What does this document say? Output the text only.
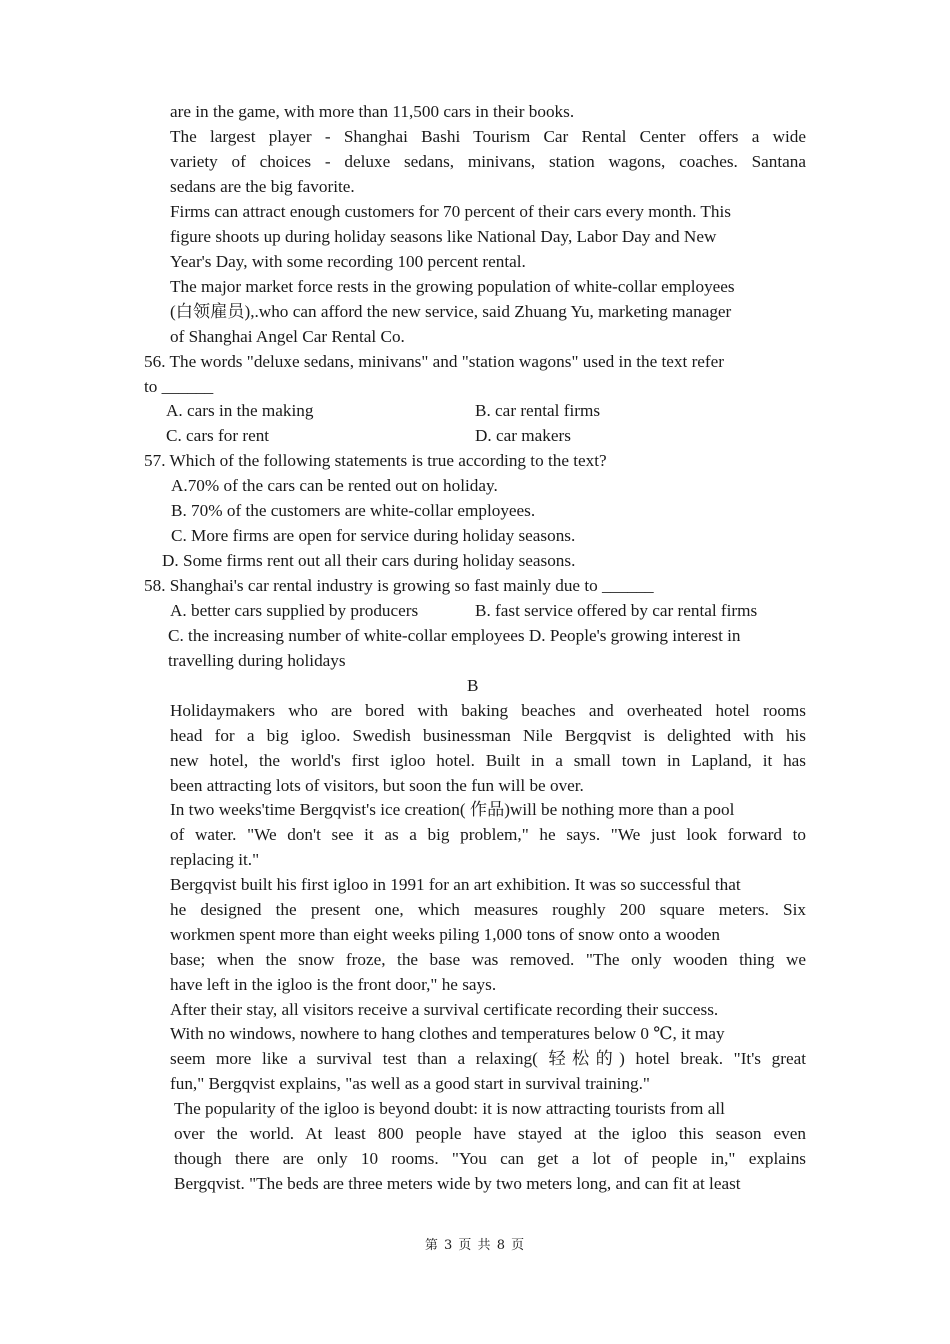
are in the game, with more than 11,500 cars in their books.
The largest player - Shanghai Bashi Tourism Car Rental Center offers a wide
variety of choices - deluxe sedans, minivans, station wagons, coaches. Santana
sedans are the big favorite.
Firms can attract enough customers for 70 percent of their cars every month. This
figure shoots up during holiday seasons like National Day, Labor Day and New
Year's Day, with some recording 100 percent rental.
The major market force rests in the growing population of white-collar employees
(白领雇员),.who can afford the new service, said Zhuang Yu, marketing manager
of Shanghai Angel Car Rental Co.
56. The words "deluxe sedans, minivans" and "station wagons" used in the text refer
to ______
A. cars in the making	B. car rental firms
C. cars for rent	D. car makers
57. Which of the following statements is true according to the text?
A.70% of the cars can be rented out on holiday.
B. 70% of the customers are white-collar employees.
C. More firms are open for service during holiday seasons.
D. Some firms rent out all their cars during holiday seasons.
58. Shanghai's car rental industry is growing so fast mainly due to ______
A. better cars supplied by producers	B. fast service offered by car rental firms
C. the increasing number of white-collar employees D. People's growing interest in
travelling during holidays
B
Holidaymakers who are bored with baking beaches and overheated hotel rooms
head for a big igloo. Swedish businessman Nile Bergqvist is delighted with his
new hotel, the world's first igloo hotel. Built in a small town in Lapland, it has
been attracting lots of visitors, but soon the fun will be over.
In two weeks'time Bergqvist's ice creation( 作品)will be nothing more than a pool
of water. "We don't see it as a big problem," he says. "We just look forward to
replacing it."
Bergqvist built his first igloo in 1991 for an art exhibition. It was so successful that
he designed the present one, which measures roughly 200 square meters. Six
workmen spent more than eight weeks piling 1,000 tons of snow onto a wooden
base; when the snow froze, the base was removed. "The only wooden thing we
have left in the igloo is the front door," he says.
After their stay, all visitors receive a survival certificate recording their success.
With no windows, nowhere to hang clothes and temperatures below 0 ℃, it may
seem more like a survival test than a relaxing( 轻松的) hotel break. "It's great
fun," Bergqvist explains, "as well as a good start in survival training."
The popularity of the igloo is beyond doubt: it is now attracting tourists from all
over the world. At least 800 people have stayed at the igloo this season even
though there are only 10 rooms. "You can get a lot of people in," explains
Bergqvist. "The beds are three meters wide by two meters long, and can fit at least
第 3 页 共 8 页
